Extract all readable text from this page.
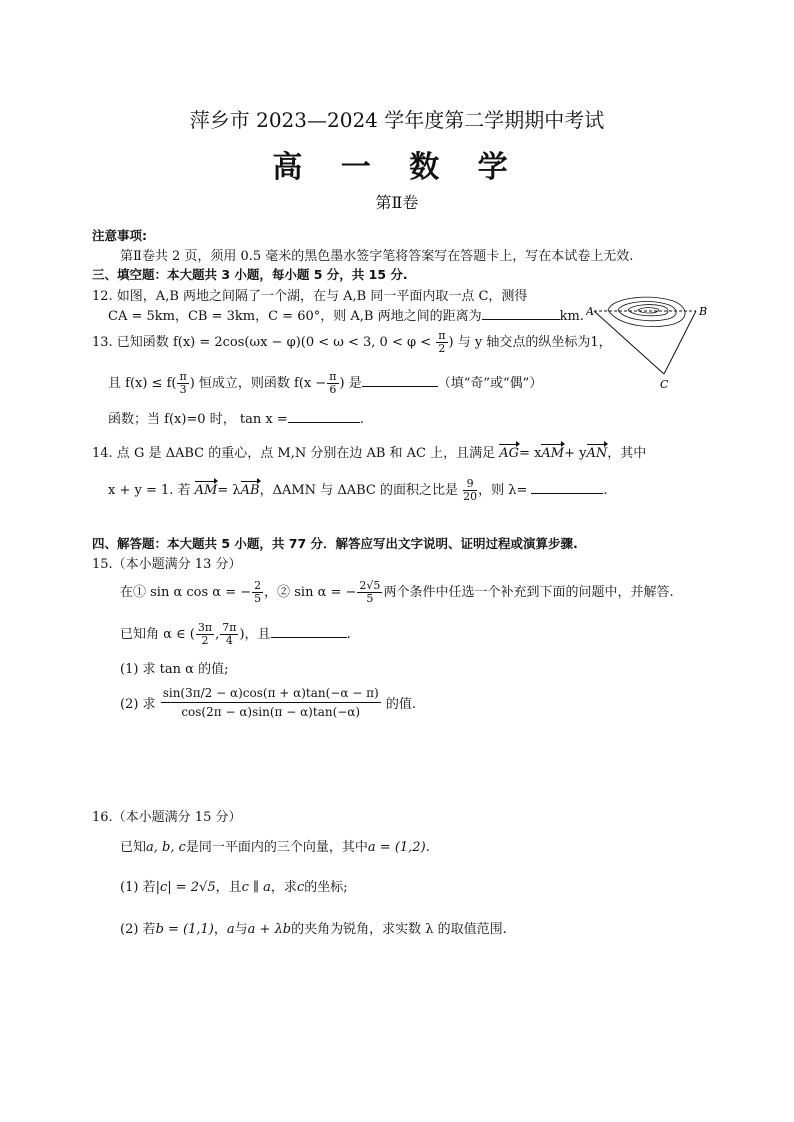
萍乡市 2023—2024 学年度第二学期期中考试
高 一 数 学
第Ⅱ卷
注意事项:
第Ⅱ卷共 2 页，须用 0.5 毫米的黑色墨水签字笔将答案写在答题卡上，写在本试卷上无效.
三、填空题：本大题共 3 小题，每小题 5 分，共 15 分.
12. 如图，A,B 两地之间隔了一个湖，在与 A,B 同一平面内取一点 C，测得
CA = 5km，CB = 3km，C = 60°，则 A,B 两地之间的距离为	km. A	B
C
13. 已知函数 f(x) = 2cos(ωx − φ)(0 < ω < 3, $0 < \varphi < \frac{\pi}{2}$ ) 与 y 轴交点的纵坐标为1，
且 $f(x) \le f( \frac{\pi}{3}$ ) 恒成立，则函数 $f(x - \frac{\pi}{6}$ ) 是	（填“奇”或“偶”）
函数；当 f(x)=0 时， tan x =	.
14. 点 G 是 ΔABC 的重心，点 M,N 分别在边 AB 和 AC 上，且满足 AG= xAM+ yAN，其中
x + y = 1. 若 AM= λAB，ΔAMN 与 ΔABC 的面积之比是 $\frac{9}{20}$ ，则 λ=	.
四、解答题：本大题共 5 小题，共 77 分．解答应写出文字说明、证明过程或演算步骤.
15.（本小题满分 13 分）
在① sin α cos α = − $\frac{2}{5}$ ，② sin α = − $\frac{2√5}{5}$ 两个条件中任选一个补充到下面的问题中，并解答.
已知角 α ∈ ( $\frac{3\pi}{2}$ , $\frac{7\pi}{4}$ )，且	.
(1) 求 tan α 的值;
(2) 求 $\frac{\sin(3\pi/2 - \alpha)\cos(\pi + \alpha)\tan(-\alpha - \pi)}{\cos(2\pi - \alpha)\sin(\pi - \alpha)\tan(-\alpha)}$ 的值.
16.（本小题满分 15 分）
已知a, b, c是同一平面内的三个向量，其中a = (1,2).
(1) 若|c| = 2√5，且c ∥ a，求c的坐标;
(2) 若b = (1,1)，a与a + λb的夹角为锐角，求实数 λ 的取值范围.
